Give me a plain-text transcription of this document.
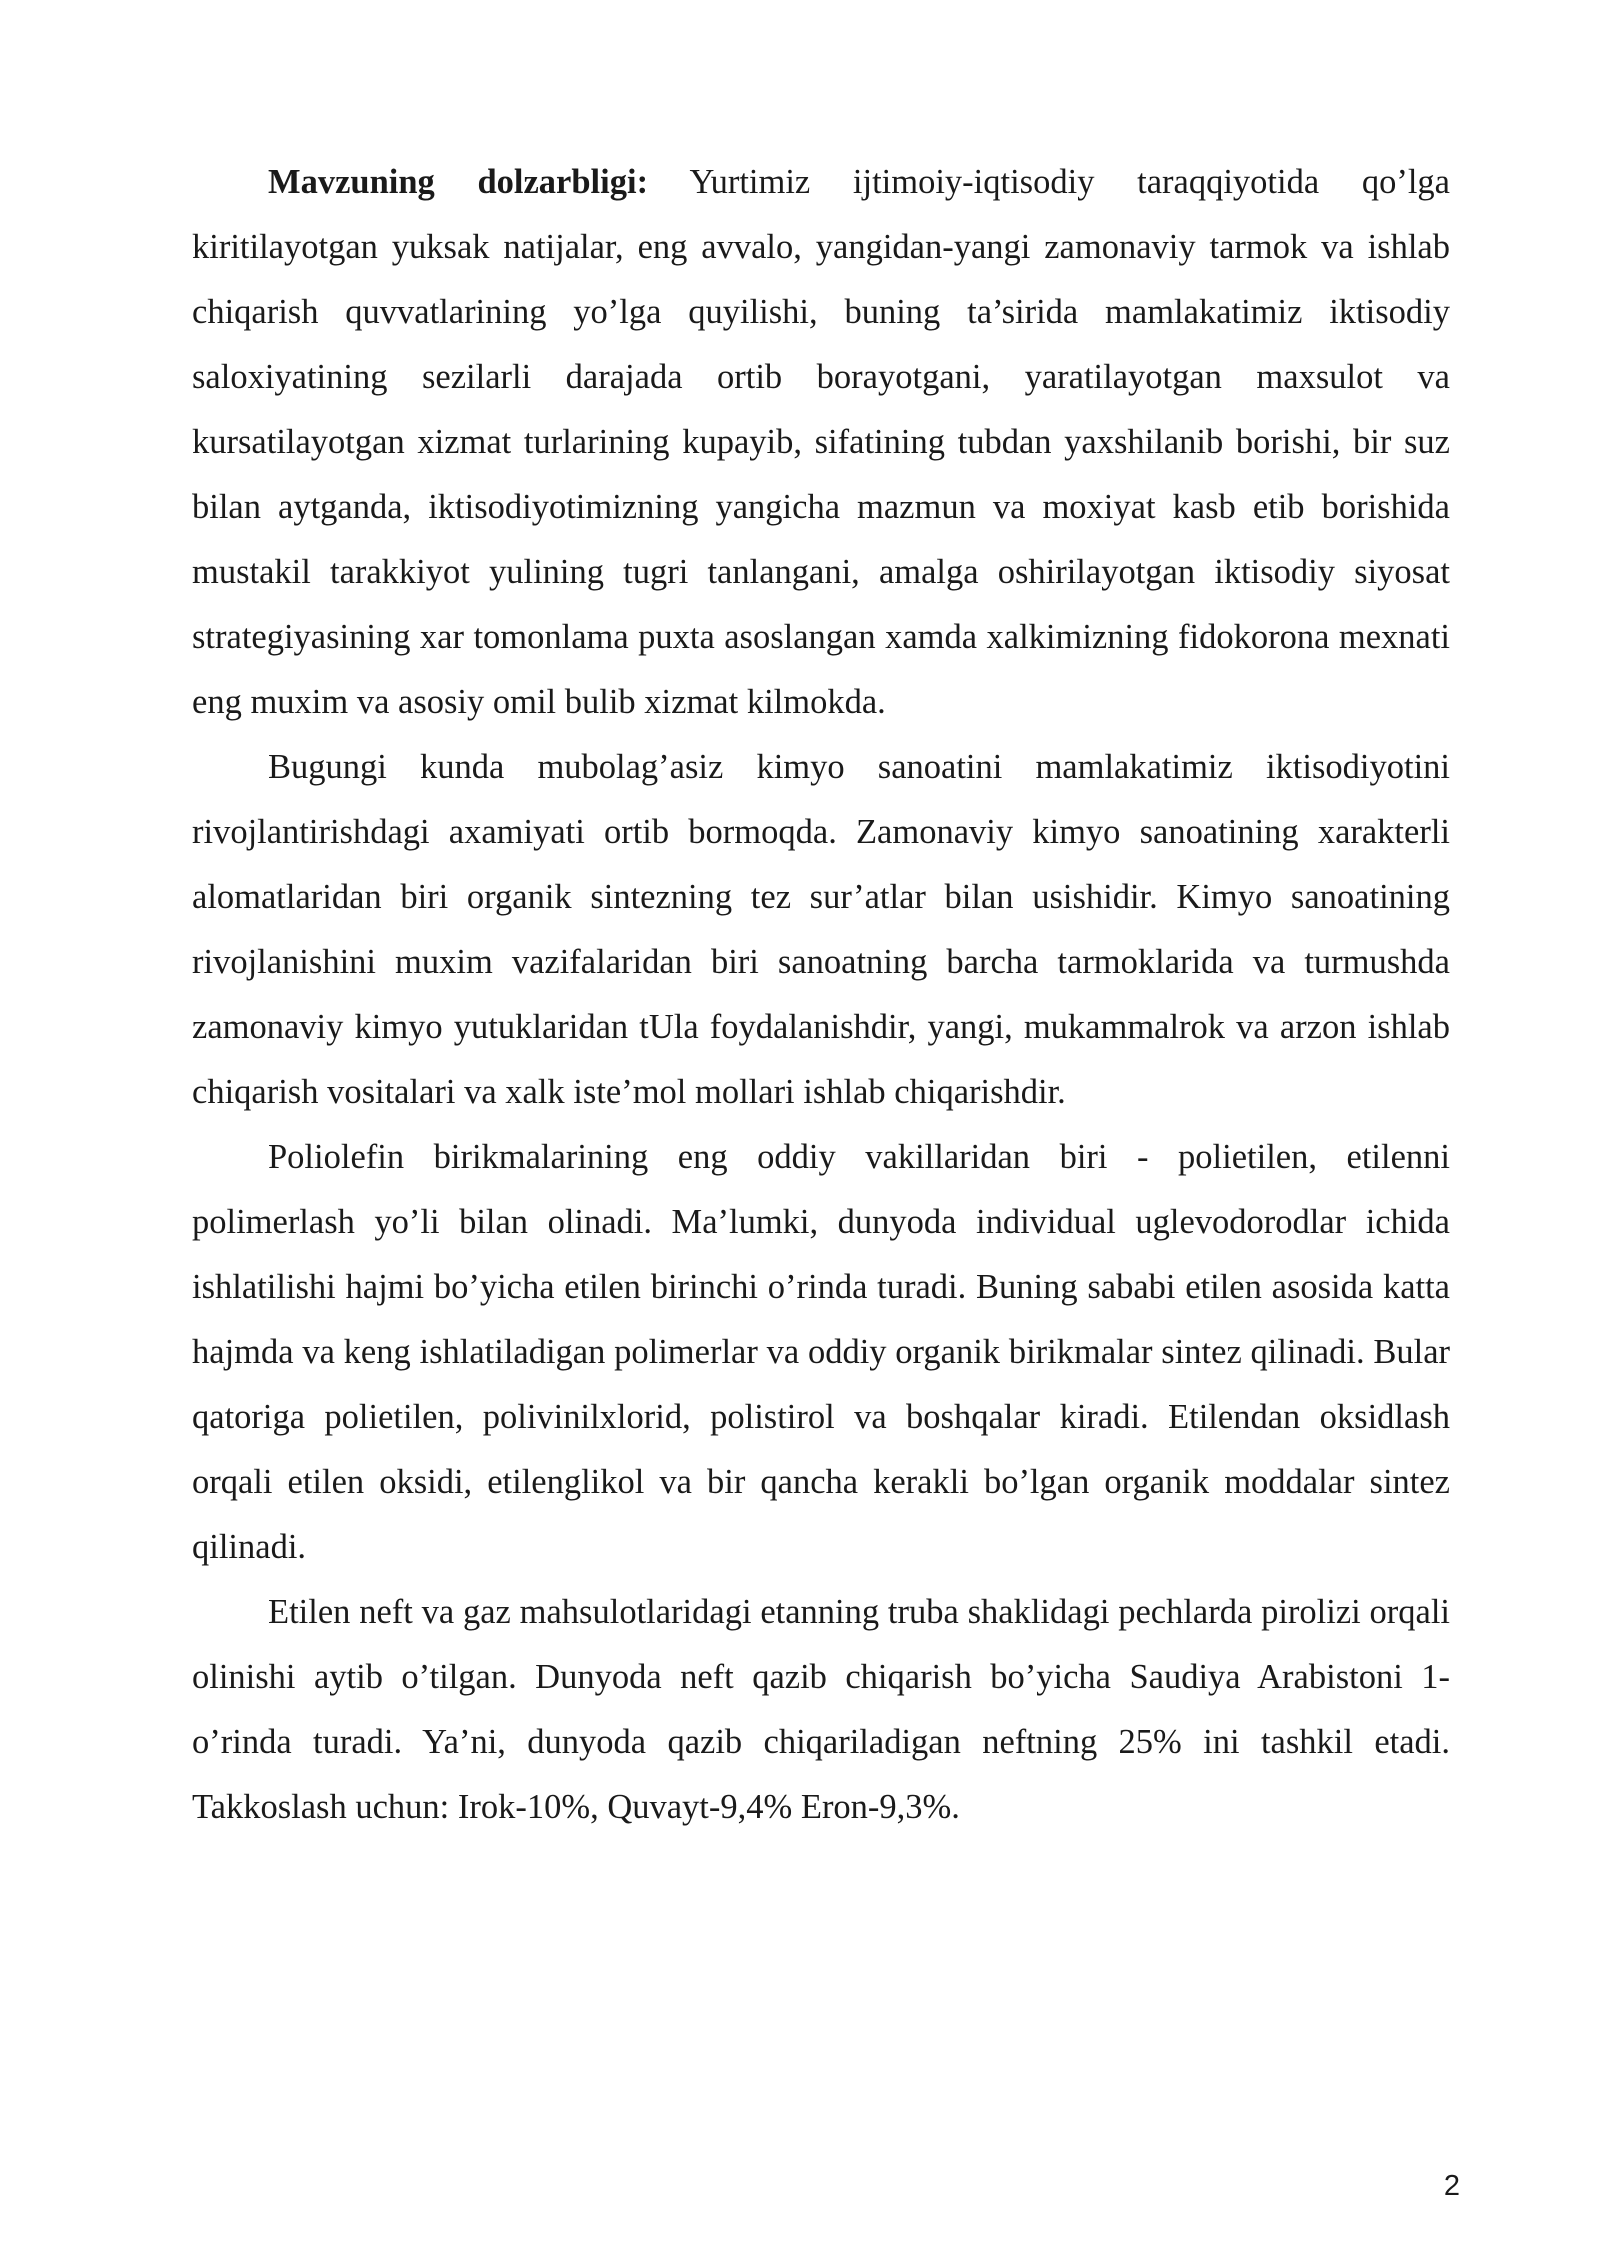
Mavzuning dolzarbligi: Yurtimiz ijtimoiy-iqtisodiy taraqqiyotida qo’lga kiritilayotgan yuksak natijalar, eng avvalo, yangidan-yangi zamonaviy tarmok va ishlab chiqarish quvvatlarining yo’lga quyilishi, buning ta’sirida mamlakatimiz iktisodiy saloxiyatining sezilarli darajada ortib borayotgani, yaratilayotgan maxsulot va kursatilayotgan xizmat turlarining kupayib, sifatining tubdan yaxshilanib borishi, bir suz bilan aytganda, iktisodiyotimizning yangicha mazmun va moxiyat kasb etib borishida mustakil tarakkiyot yulining tugri tanlangani, amalga oshirilayotgan iktisodiy siyosat strategiyasining xar tomonlama puxta asoslangan xamda xalkimizning fidokorona mexnati eng muxim va asosiy omil bulib xizmat kilmokda.

Bugungi kunda mubolag’asiz kimyo sanoatini mamlakatimiz iktisodiyotini rivojlantirishdagi axamiyati ortib bormoqda. Zamonaviy kimyo sanoatining xarakterli alomatlaridan biri organik sintezning tez sur’atlar bilan usishidir. Kimyo sanoatining rivojlanishini muxim vazifalaridan biri sanoatning barcha tarmoklarida va turmushda zamonaviy kimyo yutuklaridan tUla foydalanishdir, yangi, mukammalrok va arzon ishlab chiqarish vositalari va xalk iste’mol mollari ishlab chiqarishdir.

Poliolefin birikmalarining eng oddiy vakillaridan biri - polietilen, etilenni polimerlash yo’li bilan olinadi. Ma’lumki, dunyoda individual uglevodorodlar ichida ishlatilishi hajmi bo’yicha etilen birinchi o’rinda turadi. Buning sababi etilen asosida katta hajmda va keng ishlatiladigan polimerlar va oddiy organik birikmalar sintez qilinadi. Bular qatoriga polietilen, polivinilxlorid, polistirol va boshqalar kiradi. Etilendan oksidlash orqali etilen oksidi, etilenglikol va bir qancha kerakli bo’lgan organik moddalar sintez qilinadi.

Etilen neft va gaz mahsulotlaridagi etanning truba shaklidagi pechlarda pirolizi orqali olinishi aytib o’tilgan. Dunyoda neft qazib chiqarish bo’yicha Saudiya Arabistoni 1-o’rinda turadi. Ya’ni, dunyoda qazib chiqariladigan neftning 25% ini tashkil etadi. Takkoslash uchun: Irok-10%, Quvayt-9,4% Eron-9,3%.

2
